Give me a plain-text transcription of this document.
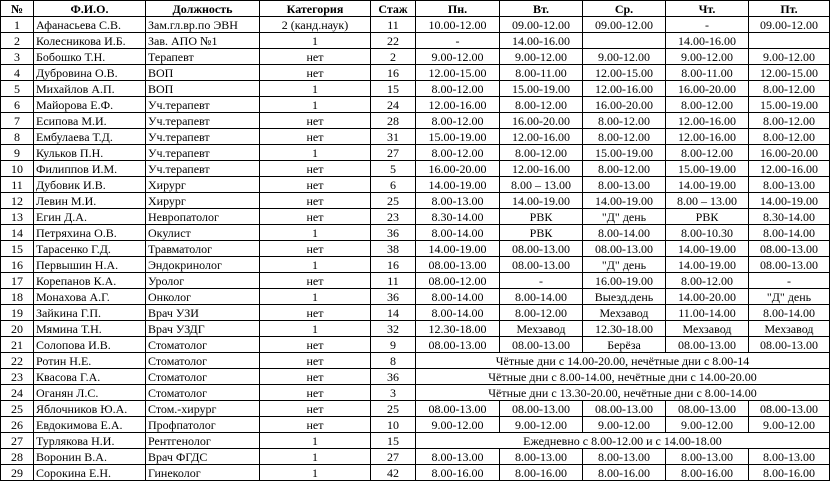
№	Ф.И.О.	Должность	Категория	Стаж	Пн.	Вт.	Ср.	Чт.	Пт.
1	Афанасьева С.В.	Зам.гл.вр.по ЭВН	2 (канд.наук)	11	10.00-12.00	09.00-12.00	09.00-12.00	-	09.00-12.00
2	Колесникова И.Б.	Зав. АПО №1	1	22	-	14.00-16.00		14.00-16.00	
3	Бобошко Т.Н.	Терапевт	нет	2	9.00-12.00	9.00-12.00	9.00-12.00	9.00-12.00	9.00-12.00
4	Дубровина О.В.	ВОП	нет	16	12.00-15.00	8.00-11.00	12.00-15.00	8.00-11.00	12.00-15.00
5	Михайлов А.П.	ВОП	1	15	8.00-12.00	15.00-19.00	12.00-16.00	16.00-20.00	8.00-12.00
6	Майорова Е.Ф.	Уч.терапевт	1	24	12.00-16.00	8.00-12.00	16.00-20.00	8.00-12.00	15.00-19.00
7	Есипова М.И.	Уч.терапевт	нет	28	8.00-12.00	16.00-20.00	8.00-12.00	12.00-16.00	8.00-12.00
8	Ембулаева Т.Д.	Уч.терапевт	нет	31	15.00-19.00	12.00-16.00	8.00-12.00	12.00-16.00	8.00-12.00
9	Кульков П.Н.	Уч.терапевт	1	27	8.00-12.00	8.00-12.00	15.00-19.00	8.00-12.00	16.00-20.00
10	Филиппов И.М.	Уч.терапевт	нет	5	16.00-20.00	12.00-16.00	8.00-12.00	15.00-19.00	12.00-16.00
11	Дубовик И.В.	Хирург	нет	6	14.00-19.00	8.00 – 13.00	8.00-13.00	14.00-19.00	8.00-13.00
12	Левин М.И.	Хирург	нет	25	8.00-13.00	14.00-19.00	14.00-19.00	8.00 – 13.00	14.00-19.00
13	Егин Д.А.	Невропатолог	нет	23	8.30-14.00	РВК	"Д" день	РВК	8.30-14.00
14	Петряхина О.В.	Окулист	1	36	8.00-14.00	РВК	8.00-14.00	8.00-10.30	8.00-14.00
15	Тарасенко Г.Д.	Травматолог	нет	38	14.00-19.00	08.00-13.00	08.00-13.00	14.00-19.00	08.00-13.00
16	Первышин Н.А.	Эндокринолог	1	16	08.00-13.00	08.00-13.00	"Д" день	14.00-19.00	08.00-13.00
17	Корепанов К.А.	Уролог	нет	11	08.00-12.00	-	16.00-19.00	8.00-12.00	-
18	Монахова А.Г.	Онколог	1	36	8.00-14.00	8.00-14.00	Выезд.день	14.00-20.00	"Д" день
19	Зайкина Г.П.	Врач УЗИ	нет	14	8.00-14.00	8.00-12.00	Мехзавод	11.00-14.00	8.00-14.00
20	Мямина Т.Н.	Врач УЗДГ	1	32	12.30-18.00	Мехзавод	12.30-18.00	Мехзавод	Мехзавод
21	Солопова И.В.	Стоматолог	нет	9	08.00-13.00	08.00-13.00	Берёза	08.00-13.00	08.00-13.00
22	Ротин Н.Е.	Стоматолог	нет	8	Чётные дни с 14.00-20.00, нечётные дни с 8.00-14				
23	Квасова Г.А.	Стоматолог	нет	36	Чётные дни с 8.00-14.00, нечётные дни с 14.00-20.00				
24	Оганян Л.С.	Стоматолог	нет	3	Чётные дни с 13.30-20.00, нечётные дни с 8.00-14.00				
25	Яблочников Ю.А.	Стом.-хирург	нет	25	08.00-13.00	08.00-13.00	08.00-13.00	08.00-13.00	08.00-13.00
26	Евдокимова Е.А.	Профпатолог	нет	10	9.00-12.00	9.00-12.00	9.00-12.00	9.00-12.00	9.00-12.00
27	Турлякова Н.И.	Рентгенолог	1	15	Ежедневно с 8.00-12.00 и с 14.00-18.00				
28	Воронин В.А.	Врач ФГДС	1	27	8.00-13.00	8.00-13.00	8.00-13.00	8.00-13.00	8.00-13.00
29	Сорокина Е.Н.	Гинеколог	1	42	8.00-16.00	8.00-16.00	8.00-16.00	8.00-16.00	8.00-16.00
